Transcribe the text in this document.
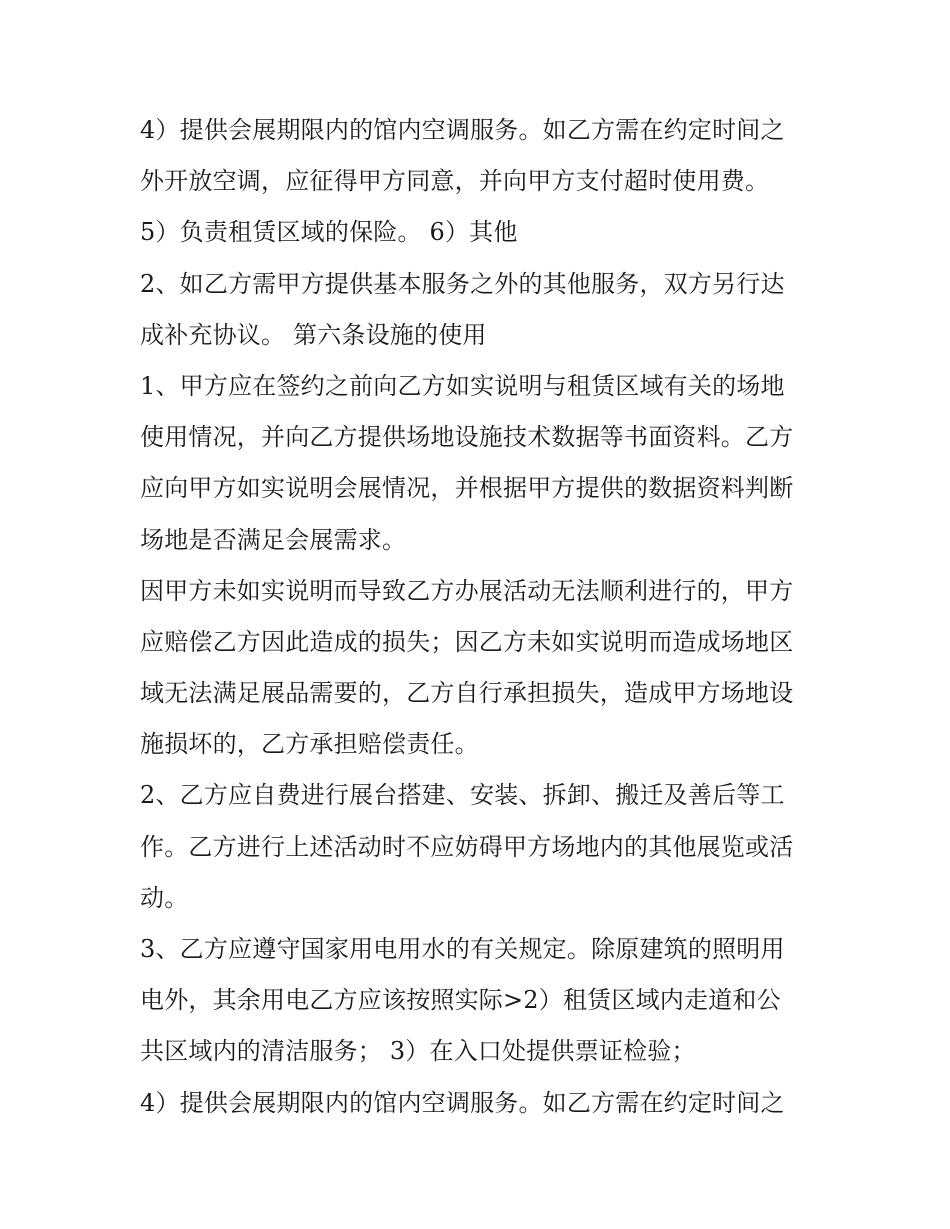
4）提供会展期限内的馆内空调服务。如乙方需在约定时间之
外开放空调，应征得甲方同意，并向甲方支付超时使用费。
5）负责租赁区域的保险。 6）其他
2、如乙方需甲方提供基本服务之外的其他服务，双方另行达
成补充协议。 第六条设施的使用
1、甲方应在签约之前向乙方如实说明与租赁区域有关的场地
使用情况，并向乙方提供场地设施技术数据等书面资料。乙方
应向甲方如实说明会展情况，并根据甲方提供的数据资料判断
场地是否满足会展需求。
因甲方未如实说明而导致乙方办展活动无法顺利进行的，甲方
应赔偿乙方因此造成的损失；因乙方未如实说明而造成场地区
域无法满足展品需要的，乙方自行承担损失，造成甲方场地设
施损坏的，乙方承担赔偿责任。
2、乙方应自费进行展台搭建、安装、拆卸、搬迁及善后等工
作。乙方进行上述活动时不应妨碍甲方场地内的其他展览或活
动。
3、乙方应遵守国家用电用水的有关规定。除原建筑的照明用
电外，其余用电乙方应该按照实际>2）租赁区域内走道和公
共区域内的清洁服务； 3）在入口处提供票证检验；
4）提供会展期限内的馆内空调服务。如乙方需在约定时间之
